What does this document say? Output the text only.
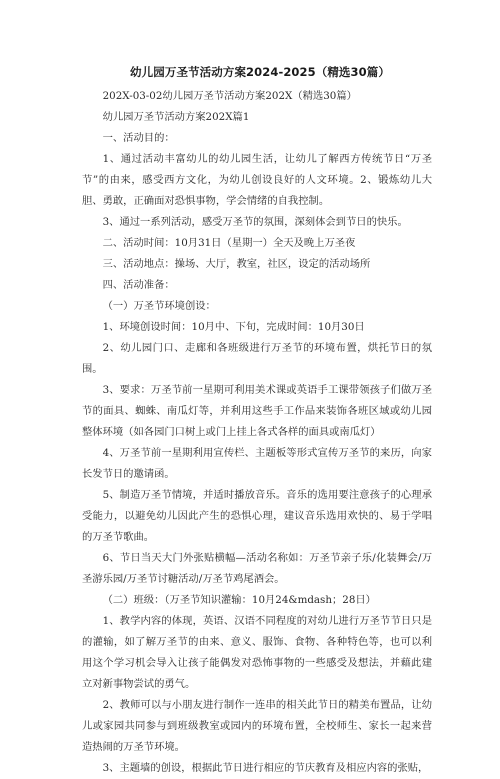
幼儿园万圣节活动方案2024-2025（精选30篇）

202X-03-02幼儿园万圣节活动方案202X（精选30篇）

幼儿园万圣节活动方案202X篇1

一、活动目的：

1、通过活动丰富幼儿的幼儿园生活，让幼儿了解西方传统节日“万圣节”的由来，感受西方文化，为幼儿创设良好的人文环境。2、锻炼幼儿大胆、勇敢，正确面对恐惧事物，学会情绪的自我控制。

3、通过一系列活动，感受万圣节的氛围，深刻体会到节日的快乐。

二、活动时间：10月31日（星期一）全天及晚上万圣夜

三、活动地点：操场、大厅，教室，社区，设定的活动场所

四、活动准备：

（一）万圣节环境创设：

1、环境创设时间：10月中、下旬，完成时间：10月30日

2、幼儿园门口、走廊和各班级进行万圣节的环境布置，烘托节日的氛围。

3、要求：万圣节前一星期可利用美术课或英语手工课带领孩子们做万圣节的面具、蜘蛛、南瓜灯等，并利用这些手工作品来装饰各班区域或幼儿园整体环境（如各园门口树上或门上挂上各式各样的面具或南瓜灯）

4、万圣节前一星期利用宣传栏、主题板等形式宣传万圣节的来历，向家长发节日的邀请函。

5、制造万圣节情境，并适时播放音乐。音乐的选用要注意孩子的心理承受能力，以避免幼儿因此产生的恐惧心理，建议音乐选用欢快的、易于学唱的万圣节歌曲。

6、节日当天大门外张贴横幅—活动名称如：万圣节亲子乐/化装舞会/万圣游乐园/万圣节讨糖活动/万圣节鸡尾酒会。

（二）班级：（万圣节知识灌输：10月24&mdash；28日）

1、教学内容的体现，英语、汉语不同程度的对幼儿进行万圣节节日只是的灌输，如了解万圣节的由来、意义、服饰、食物、各种特色等，也可以利用这个学习机会导入让孩子能偶发对恐怖事物的一些感受及想法，并藉此建立对新事物尝试的勇气。

2、教师可以与小朋友进行制作一连串的相关此节日的精美布置品，让幼儿或家园共同参与到班级教室或园内的环境布置，全校师生、家长一起来营造热闹的万圣节环境。

3、主题墙的创设，根据此节日进行相应的节庆教育及相应内容的张贴，
